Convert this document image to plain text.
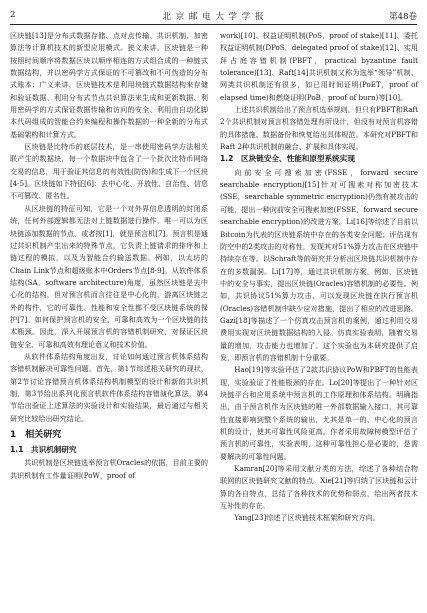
2	北 京 邮 电 大 学 学 报	第48卷

区块链[13]是分布式数据存储、点对点传输、共识机制、加密算法等计算机技术的新型应用模式。狭义来讲，区块链是一种按照时间顺序将数据区块以顺序相连的方式组合成的一种链式数据结构，并以密码学方式保证的不可篡改和不可伪造的分布式账本；广义来讲，区块链技术是利用块链式数据结构来存储和验证数据、利用分布式节点共识算法来生成和更新数据、利用密码学的方式保证数据传输和访问的安全、利用由自动化脚本代码组成的智能合约来编程和操作数据的一种全新的分布式基础架构和计算方式。

区块链是比特币的底层技术，是一串使用密码学方法相关联产生的数据块，每一个数据块中包含了一个批次比特币网络交易的信息，用于验证其信息的有效性(防伪)和生成下一个区块[4-5]。区块链如下特征[6]：去中心化、开放性、自治性、信息不可篡改、匿名性。

从区块链的特征可知，它是一个对外界信息透明的封闭系统，任何外部逻辑都无法对上链数据进行操作，唯一可以为区块链添加数据的节点，或者按[1]，就是预言机[7]。预言机是通过共识机制产生出来的特殊节点，它负责上链请求的排序和上链过程的模拟，以及为智能合约输送数据。例如，以太坊的Chain Link节点和超级账本中Orders节点[8-9]。从软件体系结构(SA，software architecture)角度，虽然区块链是去中心化的结构，但对预言机而言往往是中心化的，游离区块链之外的构件，它的可靠性、性能和安全性都不受区块链系统的保护[7]。如何保护预言机的安全、可靠和高效为一个区块链的技术瓶颈。因此，深入开展预言机的容错机制研究，对保证区块链安全、可靠和高效有理论意义和技术价值。

从软件体系结构角度出发，讨论如何通过预言机体系结构容错机制解决可靠性问题。首先，第1节综述相关研究的现状，第2节讨论容错预言机体系结构机制模型的设计和新的共识机制，第3节给出系列化预言机软件体系结构容错演化算法，第4节给出验证上述算法的实验设计和实验结果，最后通过与相关研究比较给出研究结论。

1　相关研究
1.1　共识机制研究

共识机制是区块链选举预言机Oracles的依据，目前主要的共识机制有工作量证明(PoW，proof of

work)[10]、权益证明机制(PoS，proof of stake)[11]、委托权益证明机制(DPoS，delegated proof of stake)[12]、实用拜占庭容错机制(PBFT，practical byzantine fault tolerance)[13]、Raft[14]共识机制又称为选举“领导”机制、网类共识机制还有很多，如已用时间证明(PoET，proof of elapsed time)和燃烧证明(PoB，proof of burn)等[10]。

上述共识机制给出了预言机选举规则，但只有PBFT和Raft 2个共识机制对预言机容错处理有所设计，但没有对预言机容错的具体措施、数据备份和恢复给出具体规范。本研究对PBFT和Raft 2种共识机制的融合、扩展和具体实现。

1.2　区块链安全、性能和原型系统实现

向前安全可搜索加密(FSSE，forward secure searchable encryption)[15]针对可搜索对称加密技术(SSE，searchable symmetric encryption)仍然有被攻击的可能，提出一种向前安全可搜索加密(FSSE，forward secure searchable encryption)的改进方案。Li[16]等综述了目前以Bitcoin为代表的区块链系统中存在的各类安全问题；评估现有防空中的2类攻击的对称性，发现其对51%算力攻击在区块链中持续存在等。以Schraft等的研究并分析出区块链共识机制中存在的多数漏洞。Li[17]等，通过共识机制方案，例如，区块链中的安全与事实，提出区块链(Oracles)容错机制的必要性。例如，共识协议51%算力攻击、可以发现区块链在执行预言机(Oracles)容错机制中缺少应对措施，提出了相应的改进思路。Gazi[18]等描述了一个仿真攻击预言机的案例，通过利用交易费用实现对区块链数据结构的入侵。仿真实验表明，随着交易量的增加，攻击能力也增加了。这个实验也为本研究提供了启发，即预言机的容错机制十分重要。

Hao[19]等实验评估了2款共识协议PoW和PBFT的性能表现，实验验证了性能瓶颈的存在。Lo[20]等提出了一种针对区块链平台和应用系统中预言机的工作原理和体系结构。明确指出，由于预言机作为区块链的唯一外部数据输入接口，其可靠性直接影响到整个系统的输出，尤其是单一的、中心化的预言机的设计，使其可靠性风险更高。作者采用故障树模型评估了预言机的可靠性，实验表明，这种可靠性担心是必要的，是需要解决的可靠性问题。

Kamran[20]等采用文献分类的方法，综述了各种结合物联网的区块链研究文献的特点。Xie[21]等归纳了区块链和云计算的各自特点，总结了各种技术的优势和弱点，给出两者技术互补性的存在。

Yang[23]综述了区块链技术框架和研究方向。
